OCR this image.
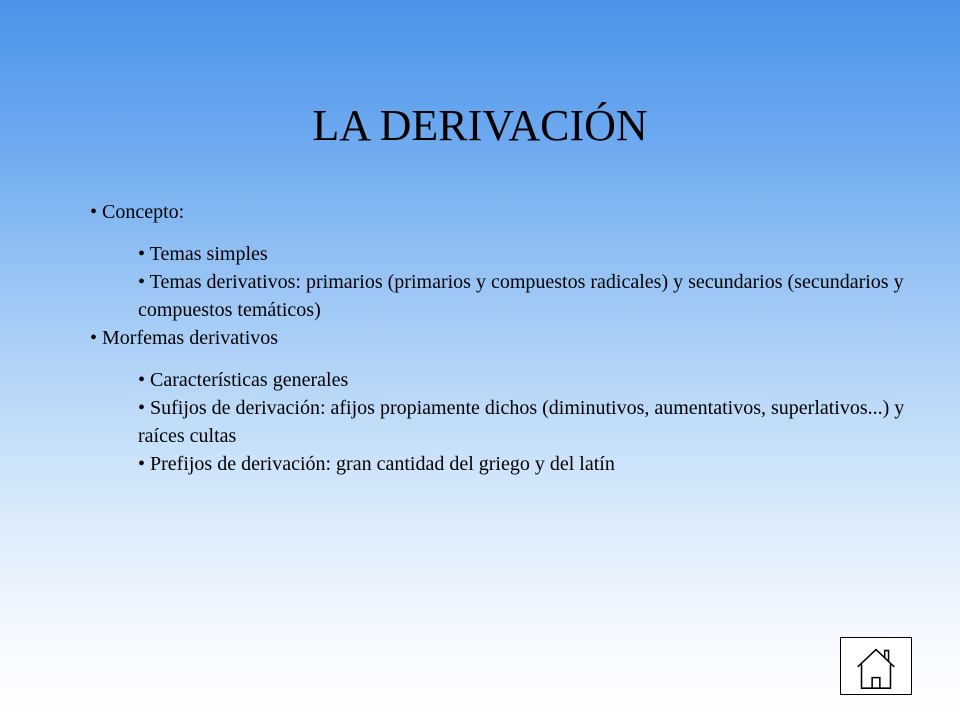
LA DERIVACIÓN
• Concepto:
• Temas simples
• Temas derivativos: primarios (primarios y compuestos radicales) y secundarios (secundarios y compuestos temáticos)
• Morfemas derivativos
• Características generales
• Sufijos de derivación: afijos propiamente dichos (diminutivos, aumentativos, superlativos...) y raíces cultas
• Prefijos de derivación: gran cantidad del griego y del latín
